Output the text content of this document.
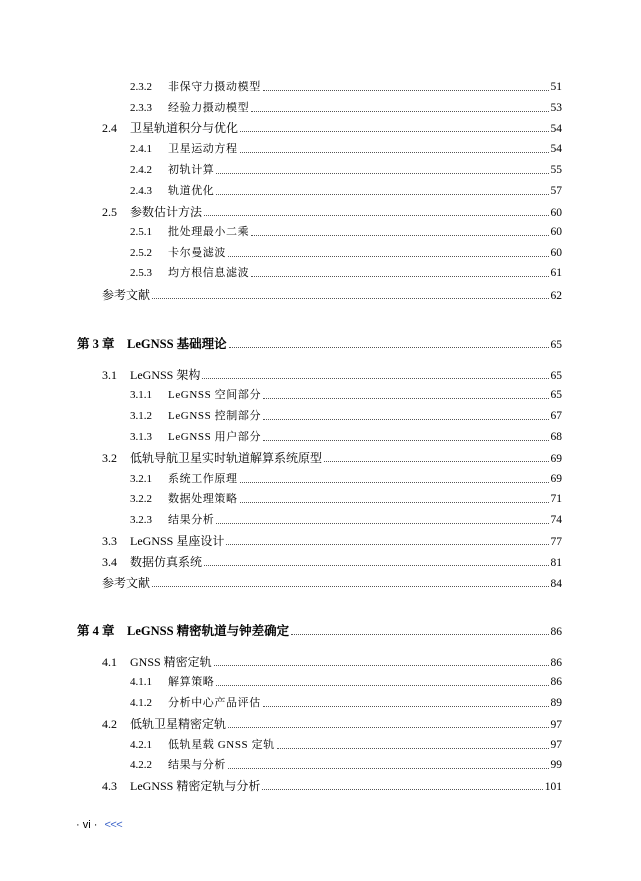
2.3.2	非保守力摄动模型	51
2.3.3	经验力摄动模型	53
2.4	卫星轨道积分与优化	54
2.4.1	卫星运动方程	54
2.4.2	初轨计算	55
2.4.3	轨道优化	57
2.5	参数估计方法	60
2.5.1	批处理最小二乘	60
2.5.2	卡尔曼滤波	60
2.5.3	均方根信息滤波	61
参考文献	62
第 3 章　LeGNSS 基础理论	65
3.1	LeGNSS 架构	65
3.1.1	LeGNSS 空间部分	65
3.1.2	LeGNSS 控制部分	67
3.1.3	LeGNSS 用户部分	68
3.2	低轨导航卫星实时轨道解算系统原型	69
3.2.1	系统工作原理	69
3.2.2	数据处理策略	71
3.2.3	结果分析	74
3.3	LeGNSS 星座设计	77
3.4	数据仿真系统	81
参考文献	84
第 4 章　LeGNSS 精密轨道与钟差确定	86
4.1	GNSS 精密定轨	86
4.1.1	解算策略	86
4.1.2	分析中心产品评估	89
4.2	低轨卫星精密定轨	97
4.2.1	低轨星载 GNSS 定轨	97
4.2.2	结果与分析	99
4.3	LeGNSS 精密定轨与分析	101
· vi · <<<
